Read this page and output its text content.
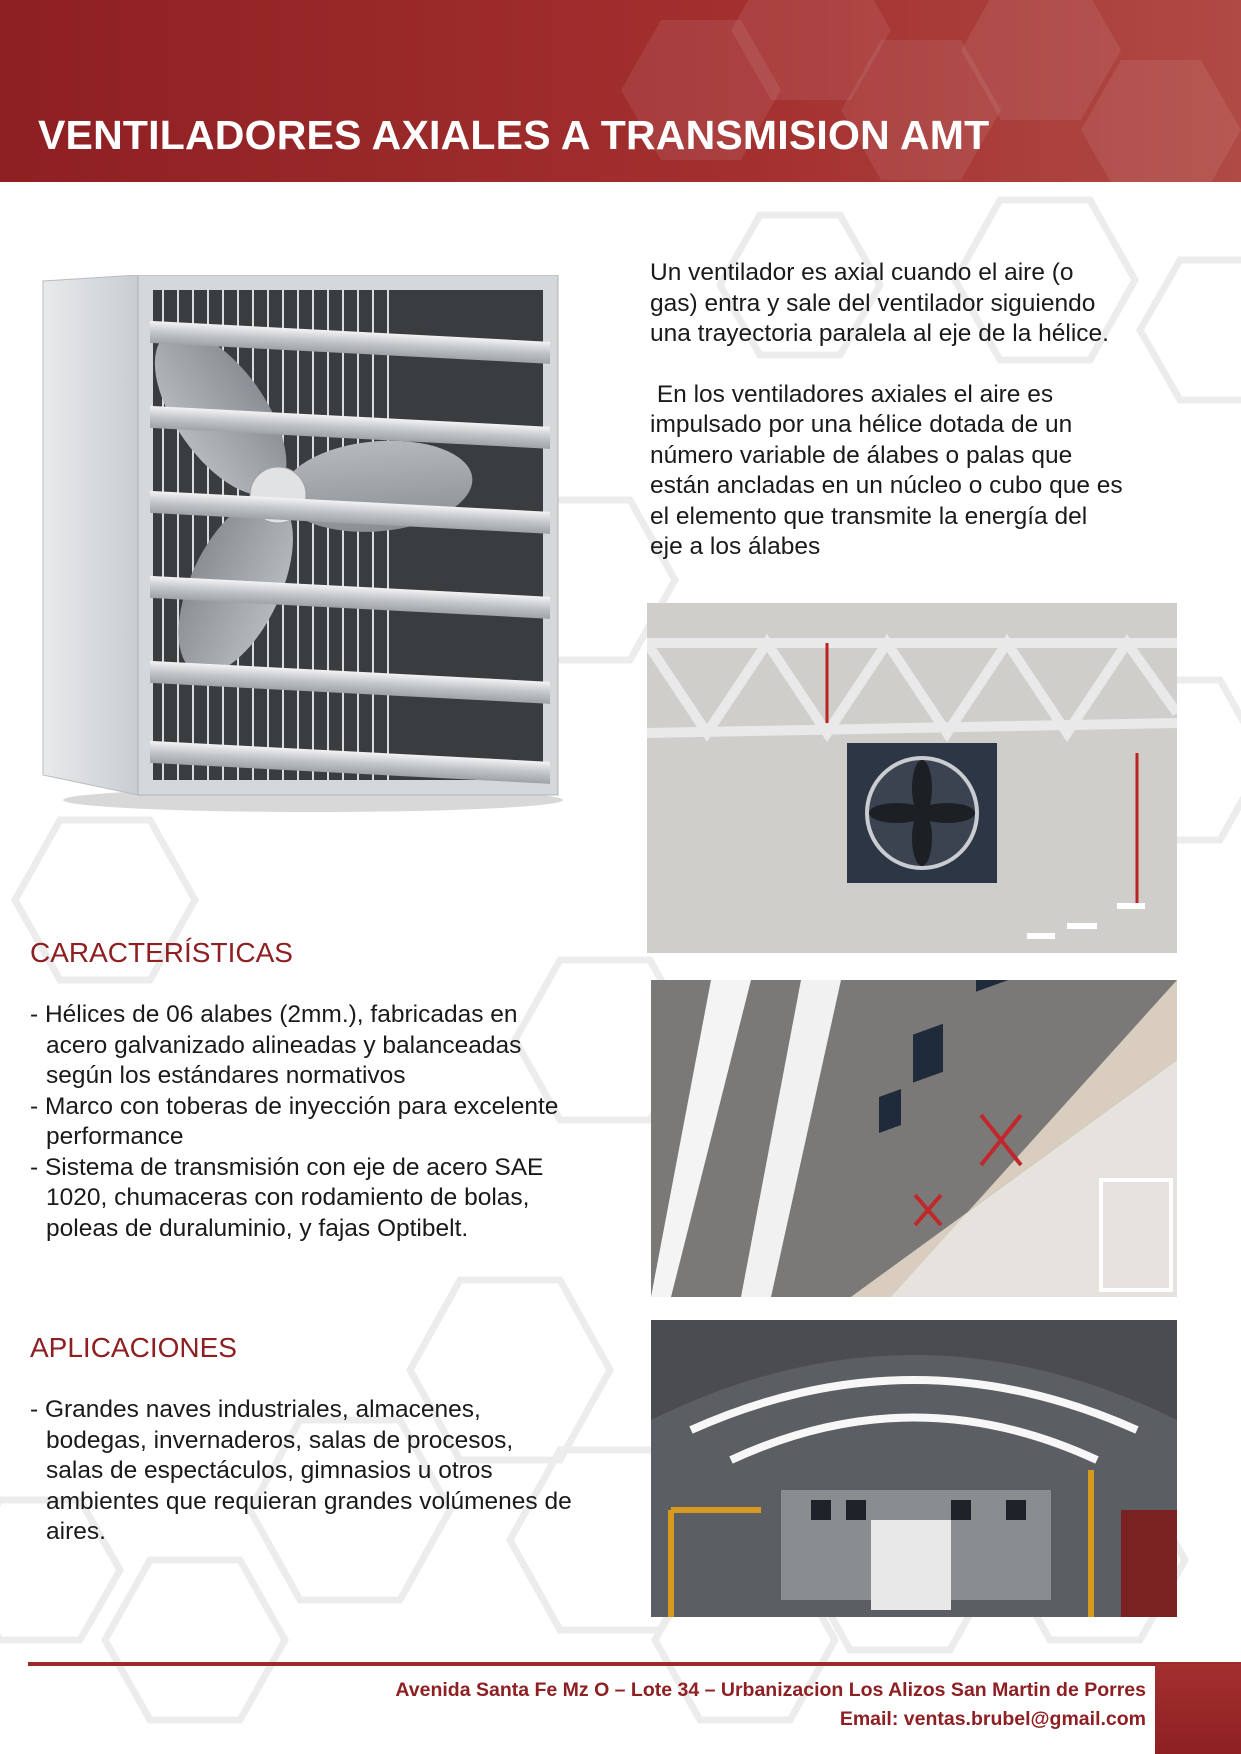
VENTILADORES AXIALES A TRANSMISION AMT

Un ventilador es axial cuando el aire (o
gas) entra y sale del ventilador siguiendo
una trayectoria paralela al eje de la hélice.

En los ventiladores axiales el aire es
impulsado por una hélice dotada de un
número variable de álabes o palas que
están ancladas en un núcleo o cubo que es
el elemento que transmite la energía del
eje a los álabes

CARACTERÍSTICAS
- Hélices de 06 alabes (2mm.), fabricadas en acero galvanizado alineadas y balanceadas según los estándares normativos
- Marco con toberas de inyección para excelente performance
- Sistema de transmisión con eje de acero SAE 1020, chumaceras con rodamiento de bolas, poleas de duraluminio, y fajas Optibelt.
APLICACIONES
- Grandes naves industriales, almacenes, bodegas, invernaderos, salas de procesos, salas de espectáculos, gimnasios u otros ambientes que requieran grandes volúmenes de aires.
Avenida Santa Fe Mz O – Lote 34 – Urbanizacion Los Alizos San Martin de Porres
Email: ventas.brubel@gmail.com
